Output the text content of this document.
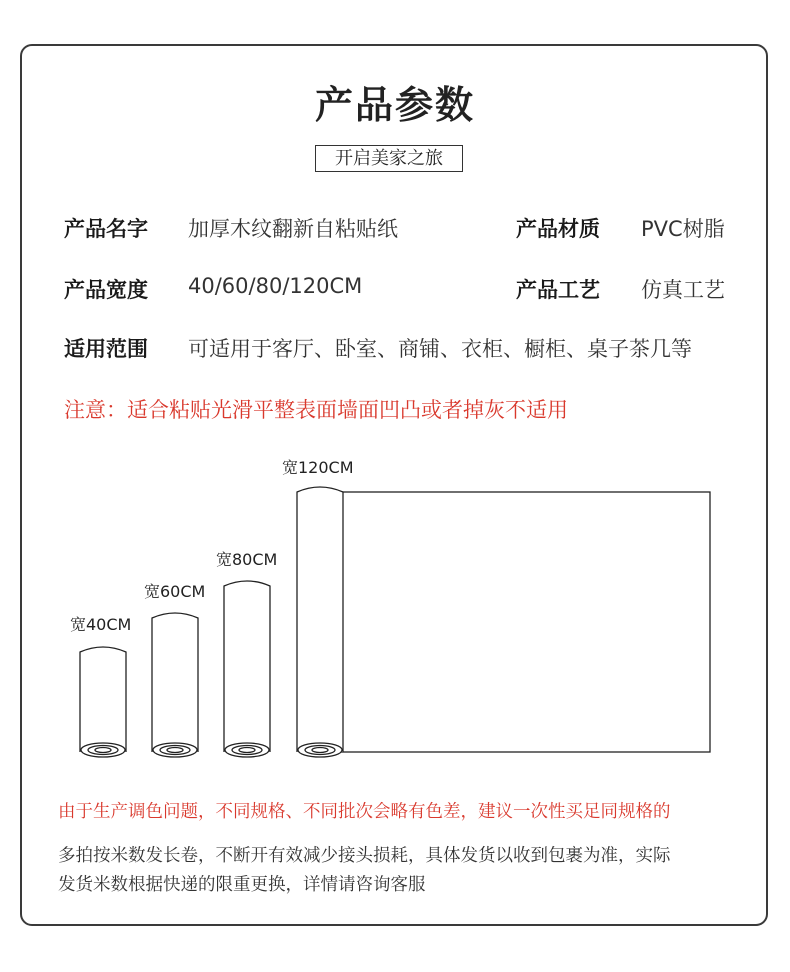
产品参数
开启美家之旅
产品名字 加厚木纹翻新自粘贴纸	产品材质 PVC树脂
产品宽度 40/60/80/120CM	产品工艺 仿真工艺
适用范围 可适用于客厅、卧室、商铺、衣柜、橱柜、桌子茶几等
注意：适合粘贴光滑平整表面墙面凹凸或者掉灰不适用
宽40CM
宽60CM
宽80CM
宽120CM
由于生产调色问题，不同规格、不同批次会略有色差，建议一次性买足同规格的
多拍按米数发长卷，不断开有效减少接头损耗，具体发货以收到包裹为准，实际
发货米数根据快递的限重更换，详情请咨询客服
